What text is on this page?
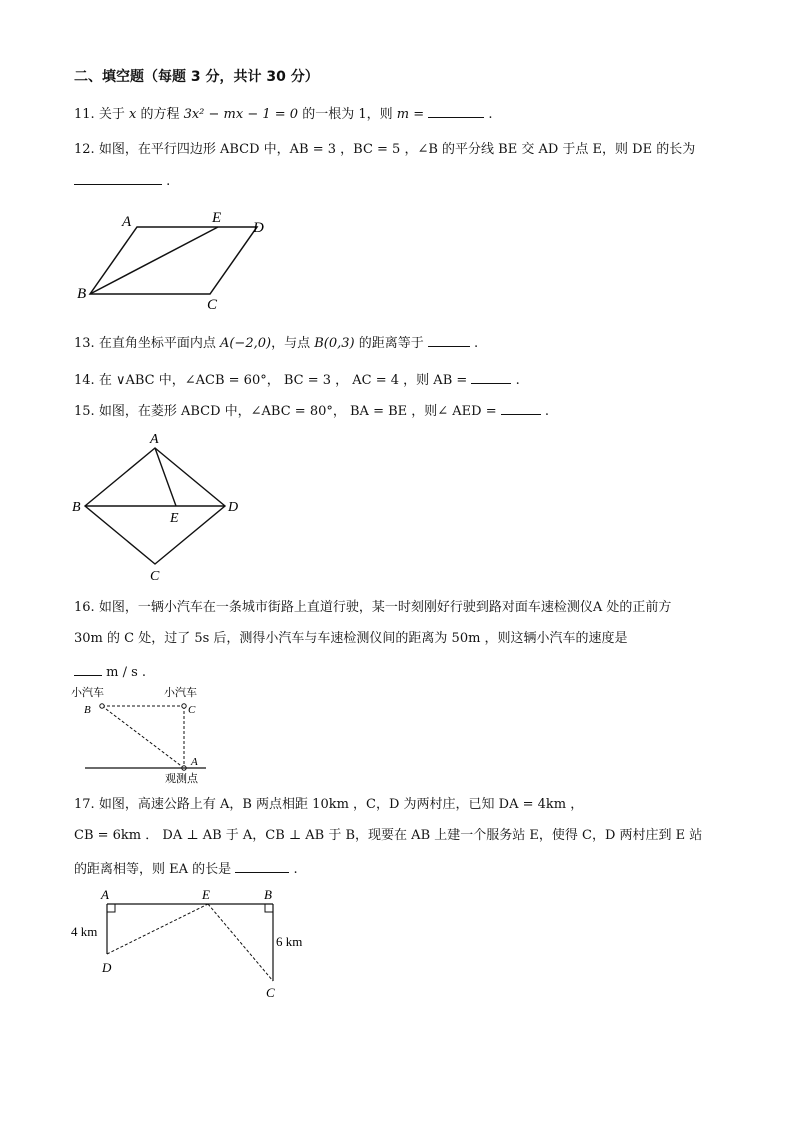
二、填空题（每题 3 分，共计 30 分）
11. 关于 x 的方程 3x² − mx − 1 = 0 的一根为 1，则 m =	.
12. 如图，在平行四边形 ABCD 中，AB = 3 ，BC = 5 ，∠B 的平分线 BE 交 AD 于点 E，则 DE 的长为
.
A	E
D
B
C
13. 在直角坐标平面内点 A(−2,0)，与点 B(0,3) 的距离等于	.
14. 在 ∨ABC 中，∠ACB = 60°， BC = 3 ， AC = 4 ，则 AB =	.
15. 如图，在菱形 ABCD 中，∠ABC = 80°， BA = BE ，则∠ AED =	.
A
B	D
E
C
16. 如图，一辆小汽车在一条城市街路上直道行驶，某一时刻刚好行驶到路对面车速检测仪A 处的正前方
30m 的 C 处，过了 5s 后，测得小汽车与车速检测仪间的距离为 50m ，则这辆小汽车的速度是
m / s .
小汽车	小汽车
B	C
A
观测点
17. 如图，高速公路上有 A，B 两点相距 10km ，C，D 为两村庄，已知 DA = 4km ，
CB = 6km ． DA ⊥ AB 于 A，CB ⊥ AB 于 B，现要在 AB 上建一个服务站 E，使得 C，D 两村庄到 E 站
的距离相等，则 EA 的长是	.
A	E	B
4 km
6 km
D
C
